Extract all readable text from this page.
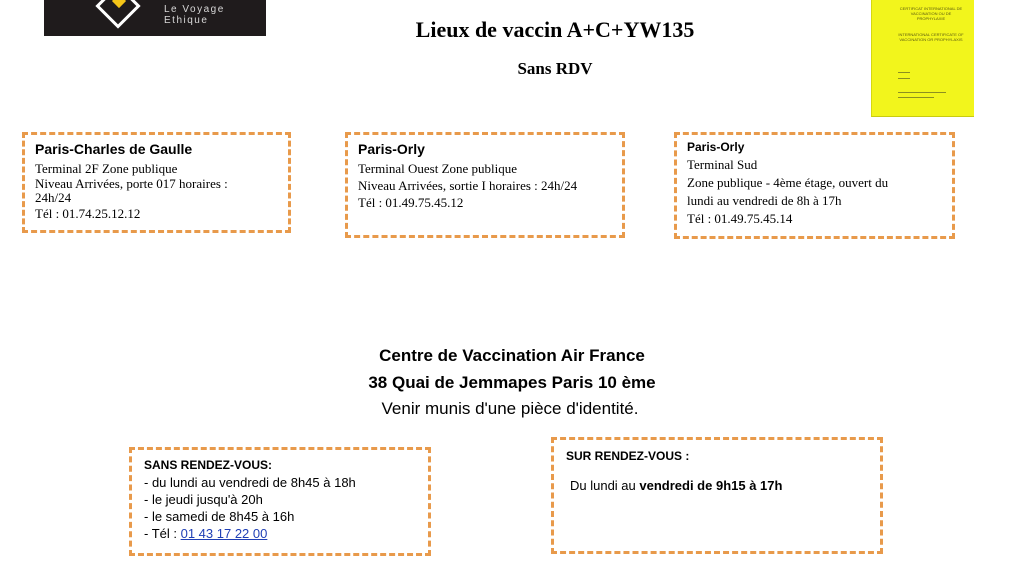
Le Voyage Ethique
CERTIFICAT INTERNATIONAL DE VACCINATION OU DE PROPHYLAXIE
INTERNATIONAL CERTIFICATE OF VACCINATION OR PROPHYLAXIS
Lieux de vaccin A+C+YW135
Sans RDV
Paris-Charles de Gaulle
Terminal 2F Zone publique
Niveau Arrivées, porte 017 horaires :
24h/24
Tél : 01.74.25.12.12
Paris-Orly
Terminal Ouest Zone publique
Niveau Arrivées, sortie I horaires : 24h/24
Tél : 01.49.75.45.12
Paris-Orly
Terminal Sud
Zone publique - 4ème étage, ouvert du
lundi au vendredi de 8h à 17h
Tél : 01.49.75.45.14
Centre de Vaccination Air France
38 Quai de Jemmapes Paris 10 ème
Venir munis d'une pièce d'identité.
SANS RENDEZ-VOUS:
- du lundi au vendredi de 8h45 à 18h
- le jeudi jusqu'à 20h
- le samedi de 8h45 à 16h
- Tél : 01 43 17 22 00
SUR RENDEZ-VOUS :
Du lundi au vendredi de 9h15 à 17h
